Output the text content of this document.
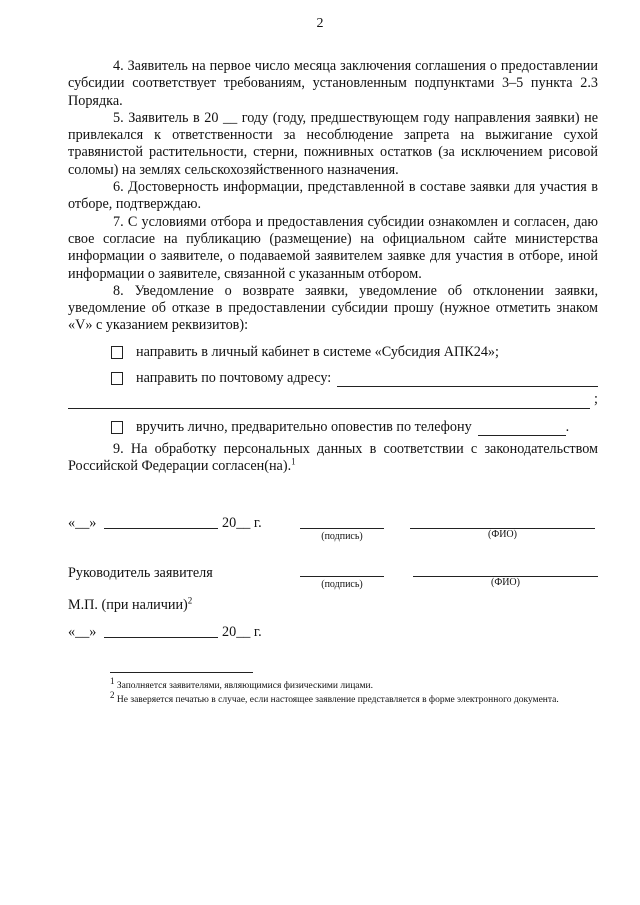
2

4. Заявитель на первое число месяца заключения соглашения о предоставлении субсидии соответствует требованиям, установленным подпунктами 3–5 пункта 2.3 Порядка.

5. Заявитель в 20 __ году (году, предшествующем году направления заявки) не привлекался к ответственности за несоблюдение запрета на выжигание сухой травянистой растительности, стерни, пожнивных остатков (за исключением рисовой соломы) на землях сельскохозяйственного назначения.

6. Достоверность информации, представленной в составе заявки для участия в отборе, подтверждаю.

7. С условиями отбора и предоставления субсидии ознакомлен и согласен, даю свое согласие на публикацию (размещение) на официальном сайте министерства информации о заявителе, о подаваемой заявителем заявке для участия в отборе, иной информации о заявителе, связанной с указанным отбором.

8. Уведомление о возврате заявки, уведомление об отклонении заявки, уведомление об отказе в предоставлении субсидии прошу (нужное отметить знаком «V» с указанием реквизитов):

направить в личный кабинет в системе «Субсидия АПК24»;
направить по почтовому адресу:
;
вручить лично, предварительно оповестив по телефону	.

9. На обработку персональных данных в соответствии с законодательством Российской Федерации согласен(на).$^1$

«__»	20__ г.
(подпись)	(ФИО)
Руководитель заявителя
(подпись)	(ФИО)
М.П. (при наличии)$^2$
«__»	20__ г.
1 Заполняется заявителями, являющимися физическими лицами.
2 Не заверяется печатью в случае, если настоящее заявление представляется в форме электронного документа.
